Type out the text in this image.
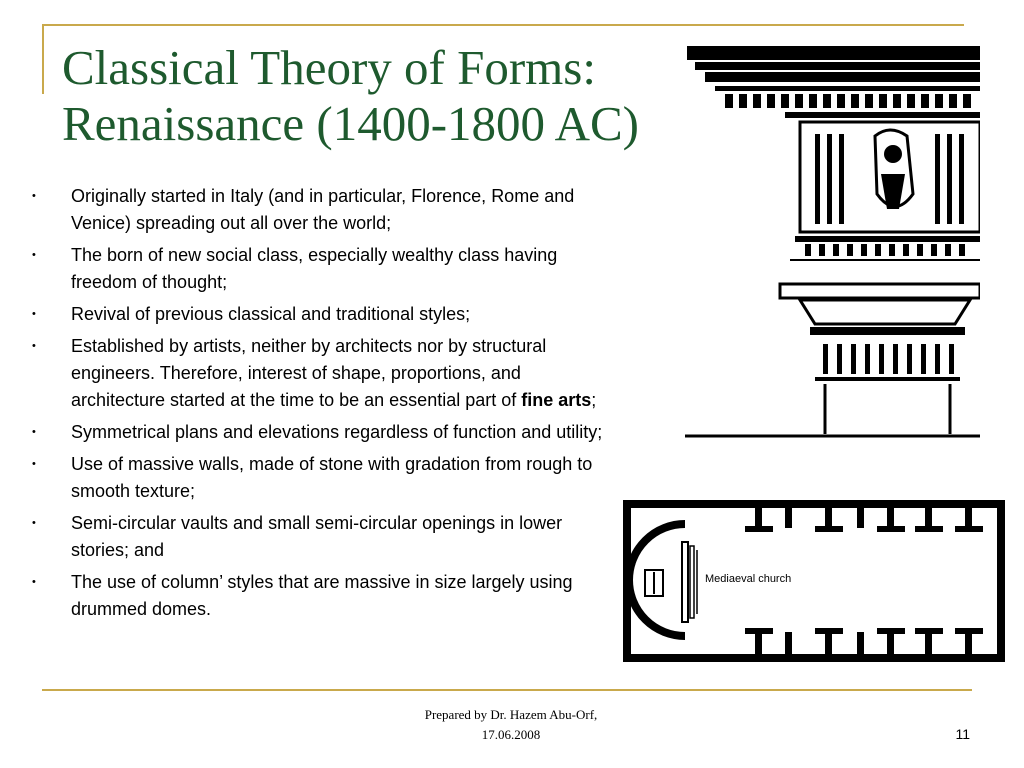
Classical Theory of Forms:
Renaissance (1400-1800 AC)
• Originally started in Italy (and in particular, Florence, Rome and Venice) spreading out all over the world;
• The born of new social class, especially wealthy class having freedom of thought;
• Revival of previous classical and traditional styles;
• Established by artists, neither by architects nor by structural engineers. Therefore, interest of shape, proportions, and architecture started at the time to be an essential part of fine arts;
• Symmetrical plans and elevations regardless of function and utility;
• Use of massive walls, made of stone with gradation from rough to smooth texture;
• Semi-circular vaults and small semi-circular openings in lower stories; and
• The use of column’ styles that are massive in size largely using drummed domes.
Mediaeval church
Prepared by Dr. Hazem Abu-Orf,
17.06.2008	11
